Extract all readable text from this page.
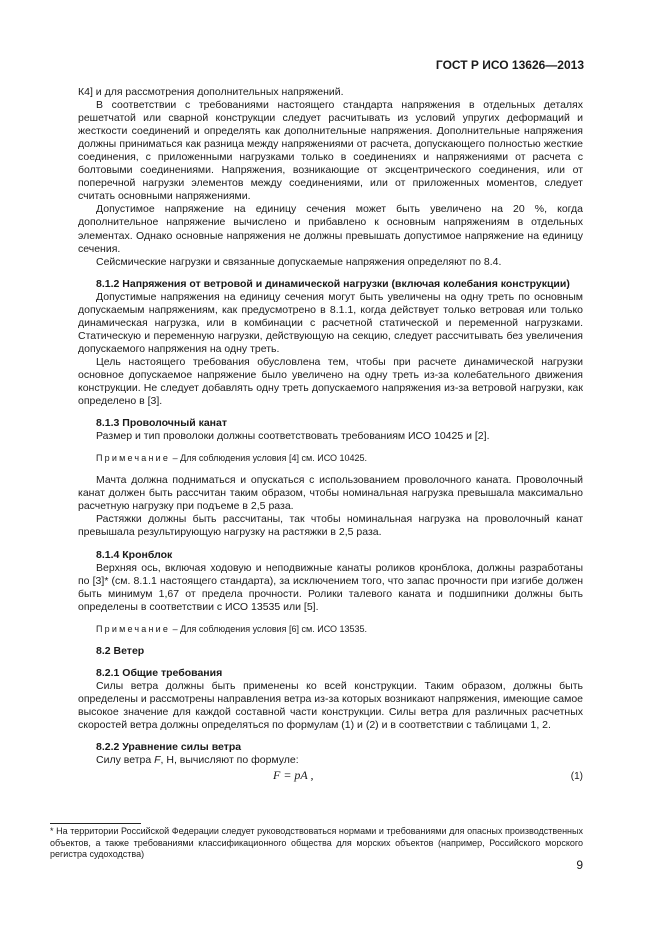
ГОСТ Р ИСО 13626—2013

К4] и для рассмотрения дополнительных напряжений.

В соответствии с требованиями настоящего стандарта напряжения в отдельных деталях решетчатой или сварной конструкции следует расчитывать из условий упругих деформаций и жесткости соединений и определять как дополнительные напряжения. Дополнительные напряжения должны приниматься как разница между напряжениями от расчета, допускающего полностью жесткие соединения, с приложенными нагрузками только в соединениях и напряжениями от расчета с болтовыми соединениями. Напряжения, возникающие от эксцентрического соединения, или от поперечной нагрузки элементов между соединениями, или от приложенных моментов, следует считать основными напряжениями.

Допустимое напряжение на единицу сечения может быть увеличено на 20 %, когда дополнительное напряжение вычислено и прибавлено к основным напряжениям в отдельных элементах. Однако основные напряжения не должны превышать допустимое напряжение на единицу сечения.

Сейсмические нагрузки и связанные допускаемые напряжения определяют по 8.4.

8.1.2 Напряжения от ветровой и динамической нагрузки (включая колебания конструкции)

Допустимые напряжения на единицу сечения могут быть увеличены на одну треть по основным допускаемым напряжениям, как предусмотрено в 8.1.1, когда действует только ветровая или только динамическая нагрузка, или в комбинации с расчетной статической и переменной нагрузками. Статическую и переменную нагрузки, действующую на секцию, следует рассчитывать без увеличения допускаемого напряжения на одну треть.

Цель настоящего требования обусловлена тем, чтобы при расчете динамической нагрузки основное допускаемое напряжение было увеличено на одну треть из-за колебательного движения конструкции. Не следует добавлять одну треть допускаемого напряжения из-за ветровой нагрузки, как определено в [3].

8.1.3 Проволочный канат

Размер и тип проволоки должны соответствовать требованиям ИСО 10425 и [2].

Примечание – Для соблюдения условия [4] см. ИСО 10425.

Мачта должна подниматься и опускаться с использованием проволочного каната. Проволочный канат должен быть рассчитан таким образом, чтобы номинальная нагрузка превышала максимально расчетную нагрузку при подъеме в 2,5 раза.

Растяжки должны быть рассчитаны, так чтобы номинальная нагрузка на проволочный канат превышала результирующую нагрузку на растяжки в 2,5 раза.

8.1.4 Кронблок

Верхняя ось, включая ходовую и неподвижные канаты роликов кронблока, должны разработаны по [3]* (см. 8.1.1 настоящего стандарта), за исключением того, что запас прочности при изгибе должен быть минимум 1,67 от предела прочности. Ролики талевого каната и подшипники должны быть определены в соответствии с ИСО 13535 или [5].

Примечание – Для соблюдения условия [6] см. ИСО 13535.

8.2 Ветер

8.2.1 Общие требования

Силы ветра должны быть применены ко всей конструкции. Таким образом, должны быть определены и рассмотрены направления ветра из-за которых возникают напряжения, имеющие самое высокое значение для каждой составной части конструкции. Силы ветра для различных расчетных скоростей ветра должны определяться по формулам (1) и (2) и в соответствии с таблицами 1, 2.

8.2.2 Уравнение силы ветра

Силу ветра F, Н, вычисляют по формуле:

F = pA ,	(1)
* На территории Российской Федерации следует руководствоваться нормами и требованиями для опасных производственных объектов, а также требованиями классификационного общества для морских объектов (например, Российского морского регистра судоходства)
9
